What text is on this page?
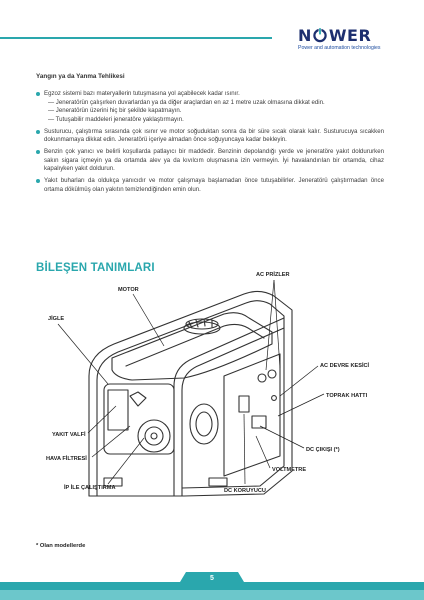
N WER
Power and automation technologies
Yangın ya da Yanma Tehlikesi
Egzoz sistemi bazı materyallerin tutuşmasına yol açabilecek kadar ısınır.
— Jeneratörün çalışırken duvarlardan ya da diğer araçlardan en az 1 metre uzak olmasına dikkat edin.
— Jeneratörün üzerini hiç bir şekilde kapatmayın.
— Tutuşabilir maddeleri jeneratöre yaklaştırmayın.
Susturucu, çalıştırma sırasında çok ısınır ve motor soğuduktan sonra da bir süre sıcak olarak kalır. Susturucuya sıcakken dokunmamaya dikkat edin. Jeneratörü içeriye almadan önce soğuyuncaya kadar bekleyin.
Benzin çok yanıcı ve belirli koşullarda patlayıcı bir maddedir. Benzinin depolandığı yerde ve jeneratöre yakıt doldururken sakın sigara içmeyin ya da ortamda alev ya da kıvılcım oluşmasına izin vermeyin. İyi havalandırılan bir ortamda, cihaz kapalıyken yakıt doldurun.
Yakıt buharları da oldukça yanıcıdır ve motor çalışmaya başlamadan önce tutuşabilirler. Jeneratörü çalıştırmadan önce ortama dökülmüş olan yakıtın temizlendiğinden emin olun.
BİLEŞEN TANIMLARI
AC PRİZLER
MOTOR
JİGLE
AC DEVRE KESİCİ
TOPRAK HATTI
YAKIT VALFİ
DC ÇIKIŞI (*)
HAVA FİLTRESİ
VOLTMETRE
İP İLE ÇALIŞTIRMA	DC KORUYUCU
* Olan modellerde
5
